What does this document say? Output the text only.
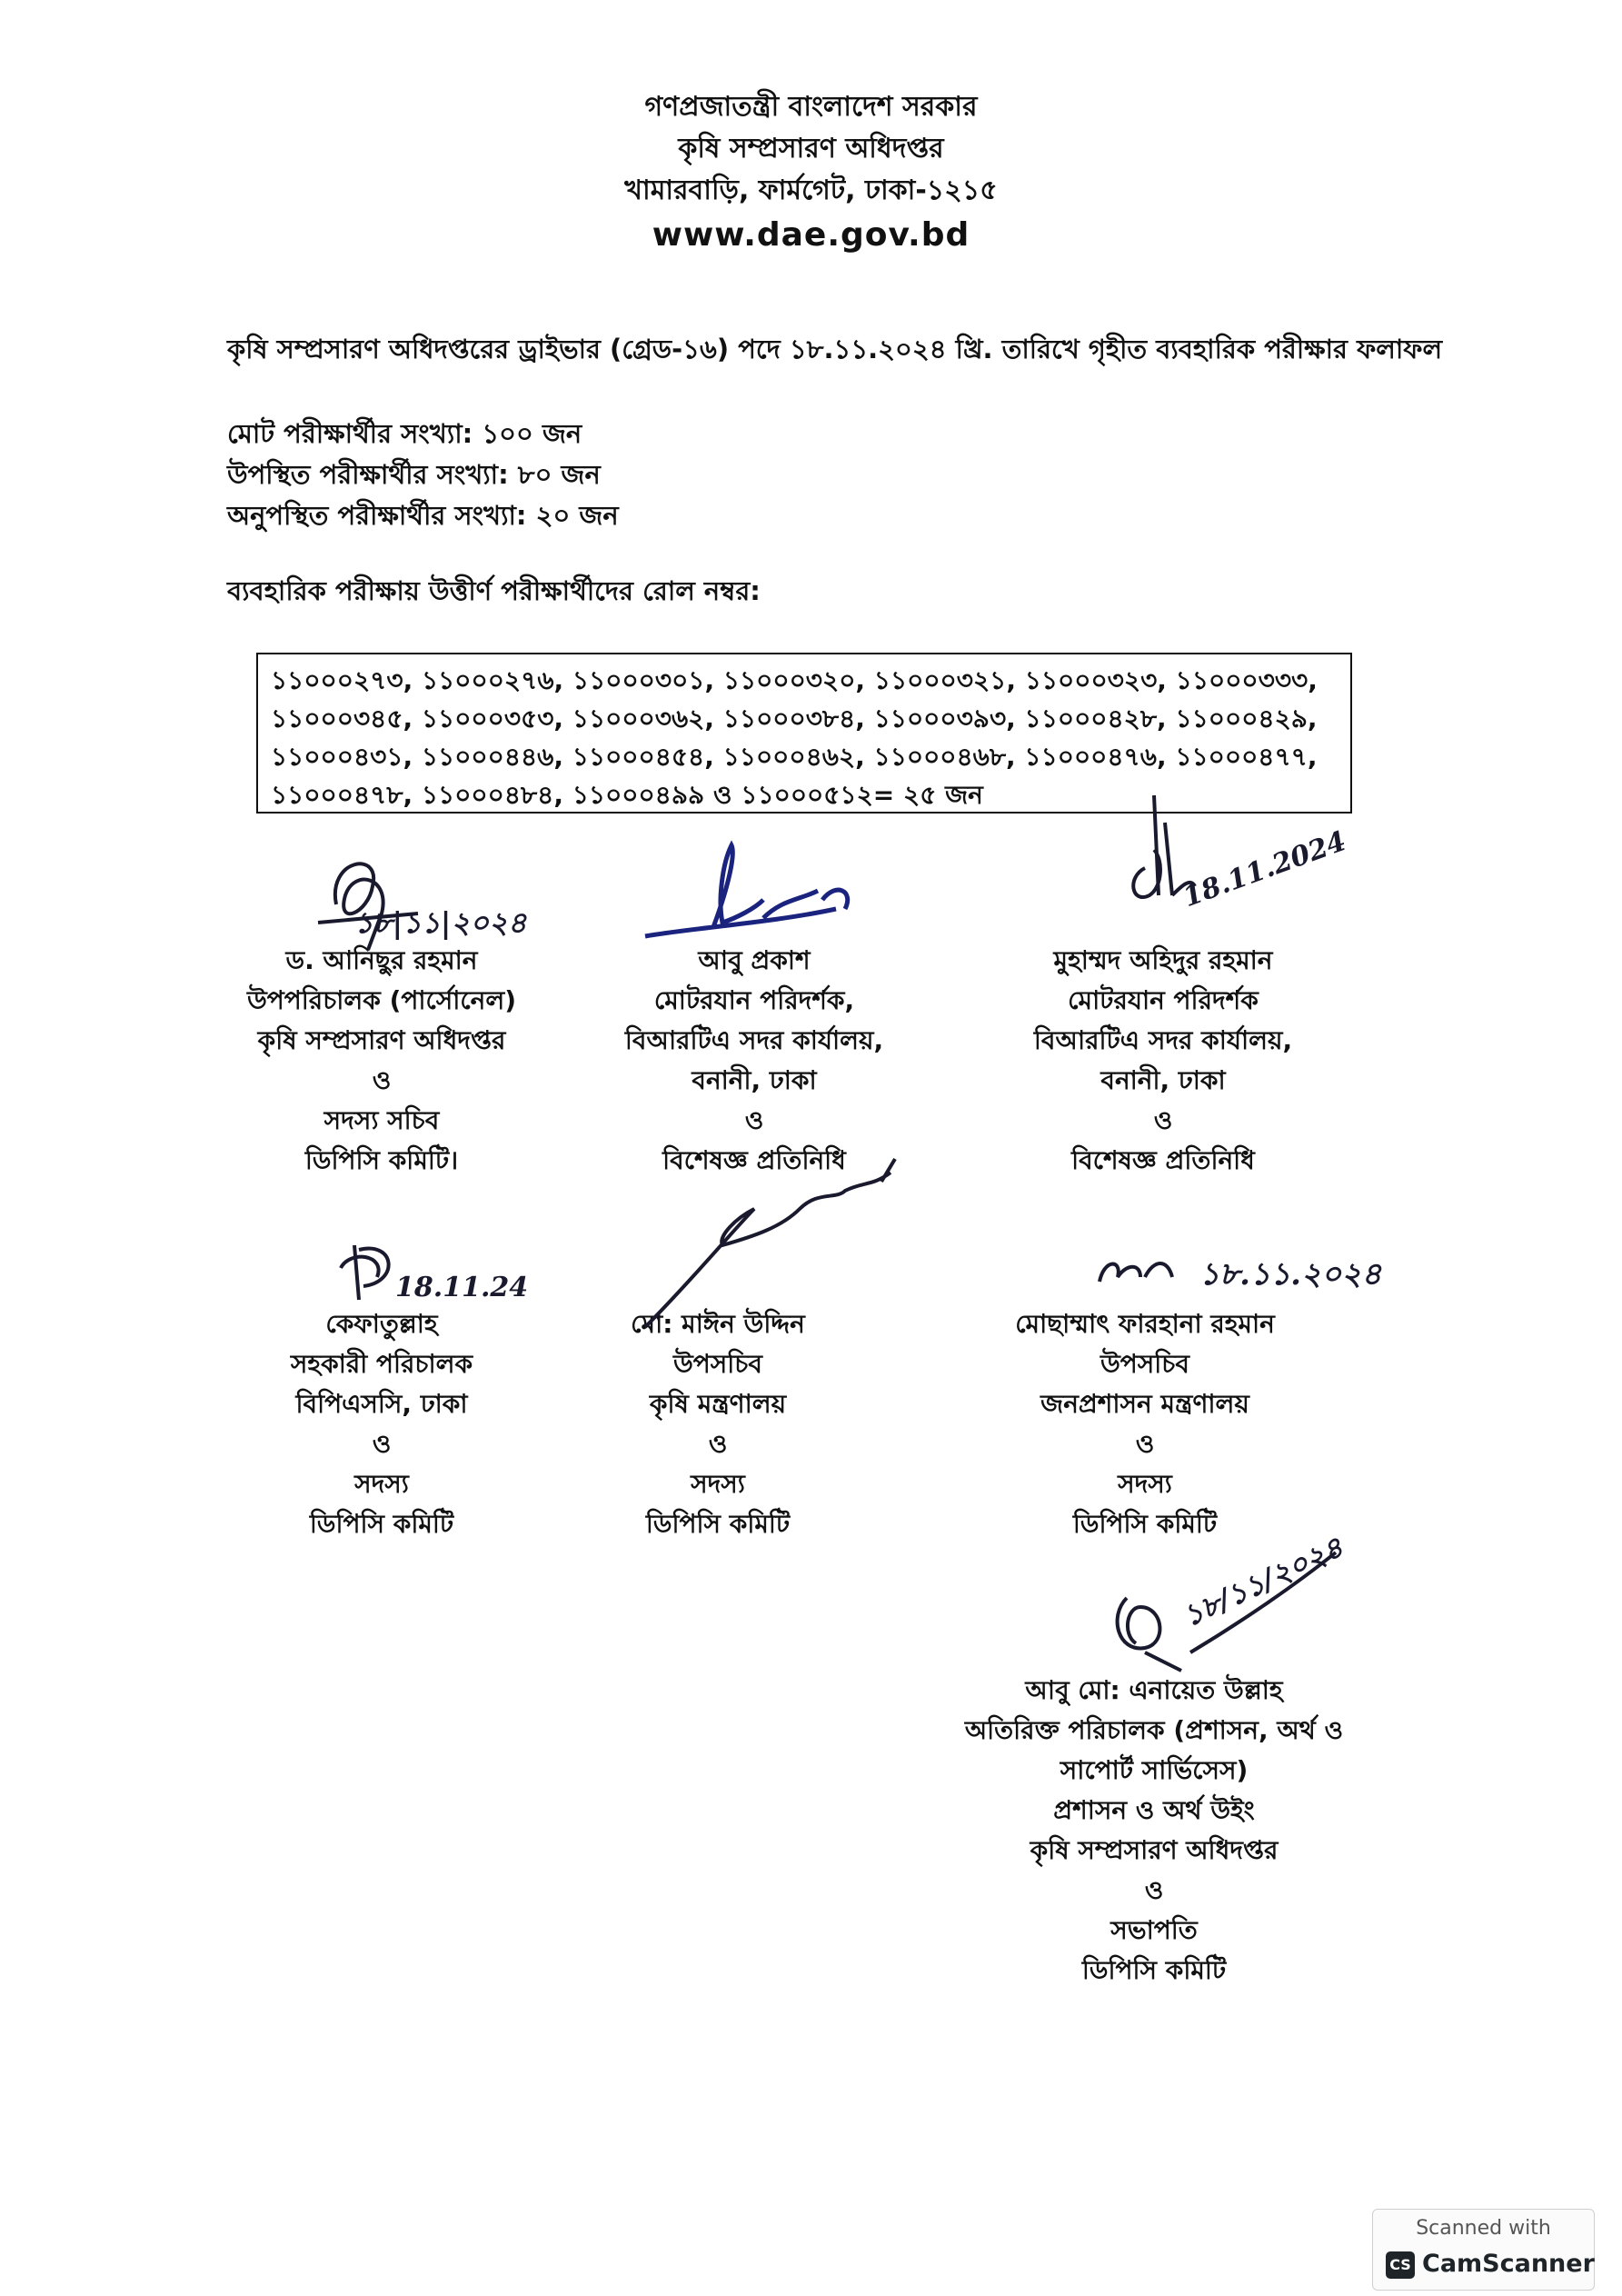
গণপ্রজাতন্ত্রী বাংলাদেশ সরকার
কৃষি সম্প্রসারণ অধিদপ্তর
খামারবাড়ি, ফার্মগেট, ঢাকা-১২১৫
www.dae.gov.bd
কৃষি সম্প্রসারণ অধিদপ্তরের ড্রাইভার (গ্রেড-১৬) পদে ১৮.১১.২০২৪ খ্রি. তারিখে গৃহীত ব্যবহারিক পরীক্ষার ফলাফল
মোট পরীক্ষার্থীর সংখ্যা: ১০০ জন
উপস্থিত পরীক্ষার্থীর সংখ্যা: ৮০ জন
অনুপস্থিত পরীক্ষার্থীর সংখ্যা: ২০ জন
ব্যবহারিক পরীক্ষায় উত্তীর্ণ পরীক্ষার্থীদের রোল নম্বর:
১১০০০২৭৩, ১১০০০২৭৬, ১১০০০৩০১, ১১০০০৩২০, ১১০০০৩২১, ১১০০০৩২৩, ১১০০০৩৩৩,
১১০০০৩৪৫, ১১০০০৩৫৩, ১১০০০৩৬২, ১১০০০৩৮৪, ১১০০০৩৯৩, ১১০০০৪২৮, ১১০০০৪২৯,
১১০০০৪৩১, ১১০০০৪৪৬, ১১০০০৪৫৪, ১১০০০৪৬২, ১১০০০৪৬৮, ১১০০০৪৭৬, ১১০০০৪৭৭,
১১০০০৪৭৮, ১১০০০৪৮৪, ১১০০০৪৯৯ ও ১১০০০৫১২= ২৫ জন
১৮|১১|২০২৪
ড. আনিছুর রহমান
উপপরিচালক (পার্সোনেল)
কৃষি সম্প্রসারণ অধিদপ্তর
ও
সদস্য সচিব
ডিপিসি কমিটি।
আবু প্রকাশ
মোটরযান পরিদর্শক,
বিআরটিএ সদর কার্যালয়,
বনানী, ঢাকা
ও
বিশেষজ্ঞ প্রতিনিধি
18.11.2024
মুহাম্মদ অহিদুর রহমান
মোটরযান পরিদর্শক
বিআরটিএ সদর কার্যালয়,
বনানী, ঢাকা
ও
বিশেষজ্ঞ প্রতিনিধি
18.11.24
কেফাতুল্লাহ
সহকারী পরিচালক
বিপিএসসি, ঢাকা
ও
সদস্য
ডিপিসি কমিটি
মো: মাঈন উদ্দিন
উপসচিব
কৃষি মন্ত্রণালয়
ও
সদস্য
ডিপিসি কমিটি
১৮.১১.২০২৪
মোছাম্মাৎ ফারহানা রহমান
উপসচিব
জনপ্রশাসন মন্ত্রণালয়
ও
সদস্য
ডিপিসি কমিটি
১৮/১১/২০২৪
আবু মো: এনায়েত উল্লাহ
অতিরিক্ত পরিচালক (প্রশাসন, অর্থ ও
সাপোর্ট সার্ভিসেস)
প্রশাসন ও অর্থ উইং
কৃষি সম্প্রসারণ অধিদপ্তর
ও
সভাপতি
ডিপিসি কমিটি
Scanned with
CS CamScanner
